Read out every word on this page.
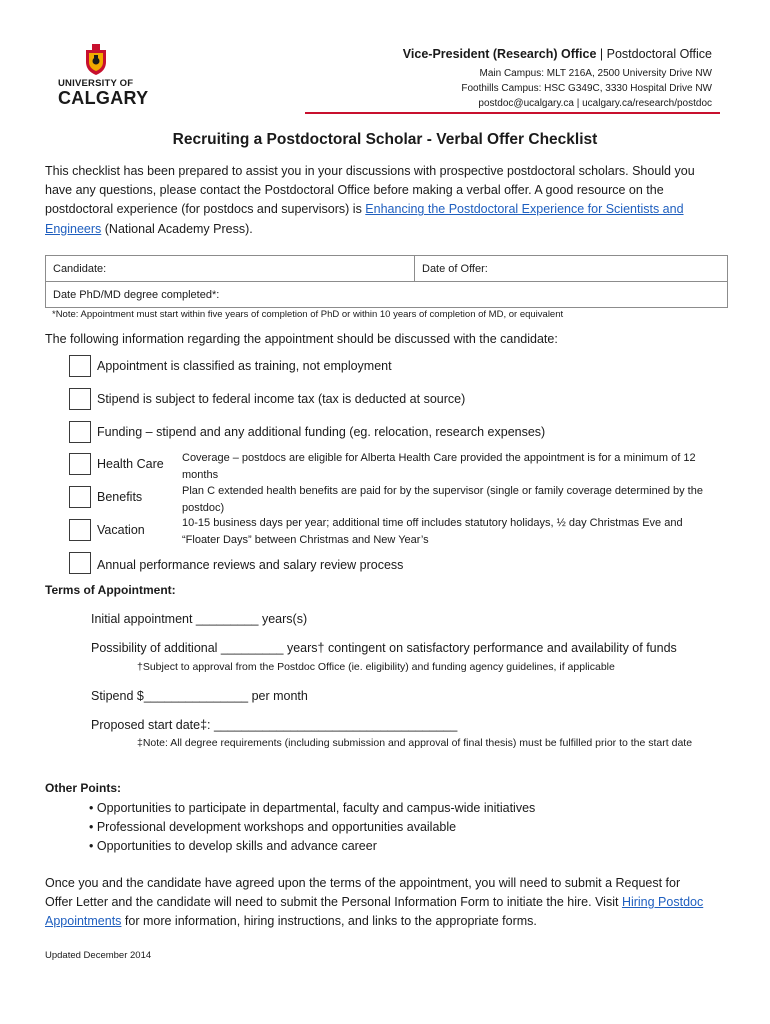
UNIVERSITY OF
CALGARY
Vice-President (Research) Office | Postdoctoral Office
Main Campus: MLT 216A, 2500 University Drive NW
Foothills Campus: HSC G349C, 3330 Hospital Drive NW
postdoc@ucalgary.ca | ucalgary.ca/research/postdoc
Recruiting a Postdoctoral Scholar - Verbal Offer Checklist
This checklist has been prepared to assist you in your discussions with prospective postdoctoral scholars. Should you have any questions, please contact the Postdoctoral Office before making a verbal offer. A good resource on the postdoctoral experience (for postdocs and supervisors) is Enhancing the Postdoctoral Experience for Scientists and Engineers (National Academy Press).
Candidate:	Date of Offer:
Date PhD/MD degree completed*:
*Note: Appointment must start within five years of completion of PhD or within 10 years of completion of MD, or equivalent
The following information regarding the appointment should be discussed with the candidate:
Appointment is classified as training, not employment
Stipend is subject to federal income tax (tax is deducted at source)
Funding – stipend and any additional funding (eg. relocation, research expenses)
Health Care Coverage – postdocs are eligible for Alberta Health Care provided the appointment is for a minimum of 12 months
Benefits	Plan C extended health benefits are paid for by the supervisor (single or family coverage determined by the postdoc)
Vacation	10-15 business days per year; additional time off includes statutory holidays, ½ day Christmas Eve and “Floater Days” between Christmas and New Year’s
Annual performance reviews and salary review process
Terms of Appointment:
Initial appointment _________ years(s)
Possibility of additional _________ years† contingent on satisfactory performance and availability of funds
†Subject to approval from the Postdoc Office (ie. eligibility) and funding agency guidelines, if applicable
Stipend $_______________ per month
Proposed start date‡: ___________________________________
‡Note: All degree requirements (including submission and approval of final thesis) must be fulfilled prior to the start date
Other Points:
• Opportunities to participate in departmental, faculty and campus-wide initiatives
• Professional development workshops and opportunities available
• Opportunities to develop skills and advance career
Once you and the candidate have agreed upon the terms of the appointment, you will need to submit a Request for Offer Letter and the candidate will need to submit the Personal Information Form to initiate the hire. Visit Hiring Postdoc Appointments for more information, hiring instructions, and links to the appropriate forms.
Updated December 2014
